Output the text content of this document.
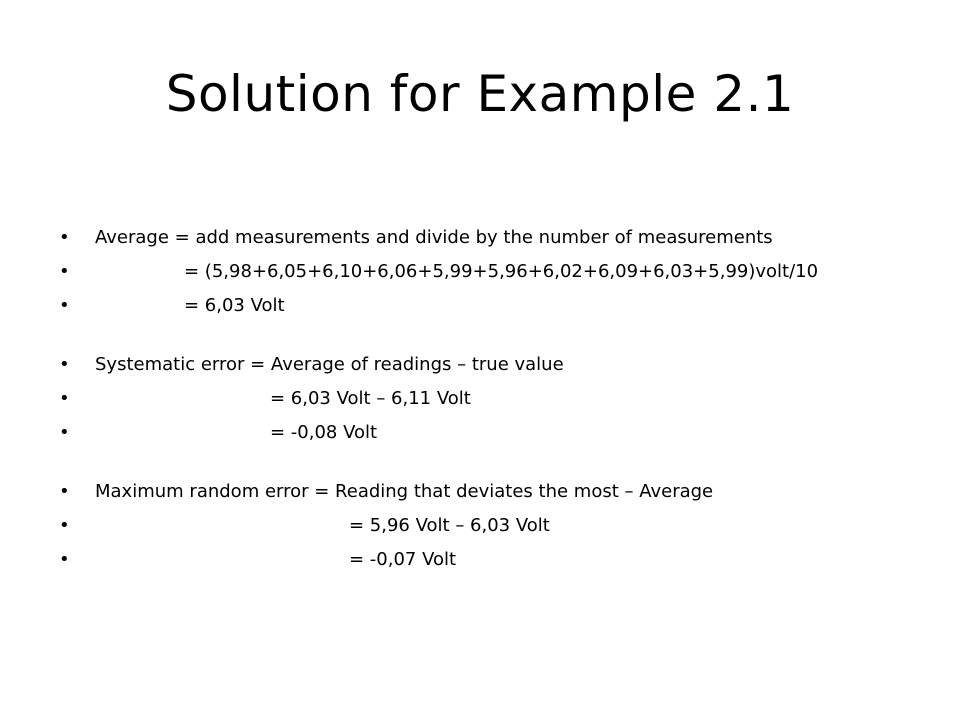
Solution for Example 2.1

•

Average = add measurements and divide by the number of measurements

•

	= (5,98+6,05+6,10+6,06+5,99+5,96+6,02+6,09+6,03+5,99)volt/10

•

	= 6,03 Volt

•

Systematic error = Average of readings – true value

•

	= 6,03 Volt – 6,11 Volt

•

	= -0,08 Volt

•

Maximum random error = Reading that deviates the most – Average

•

	= 5,96 Volt – 6,03 Volt

•

	= -0,07 Volt
